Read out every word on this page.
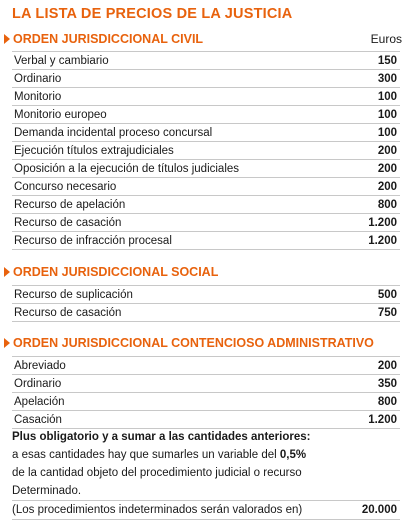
LA LISTA DE PRECIOS DE LA JUSTICIA
ORDEN JURISDICCIONAL CIVIL	Euros
Verbal y cambiario	150
Ordinario	300
Monitorio	100
Monitorio europeo	100
Demanda incidental proceso concursal	100
Ejecución títulos extrajudiciales	200
Oposición a la ejecución de títulos judiciales	200
Concurso necesario	200
Recurso de apelación	800
Recurso de casación	1.200
Recurso de infracción procesal	1.200
ORDEN JURISDICCIONAL SOCIAL
Recurso de suplicación	500
Recurso de casación	750
ORDEN JURISDICCIONAL CONTENCIOSO ADMINISTRATIVO
Abreviado	200
Ordinario	350
Apelación	800
Casación	1.200
Plus obligatorio y a sumar a las cantidades anteriores:
a esas cantidades hay que sumarles un variable del 0,5%
de la cantidad objeto del procedimiento judicial o recurso
Determinado.
(Los procedimientos indeterminados serán valorados en)	20.000
